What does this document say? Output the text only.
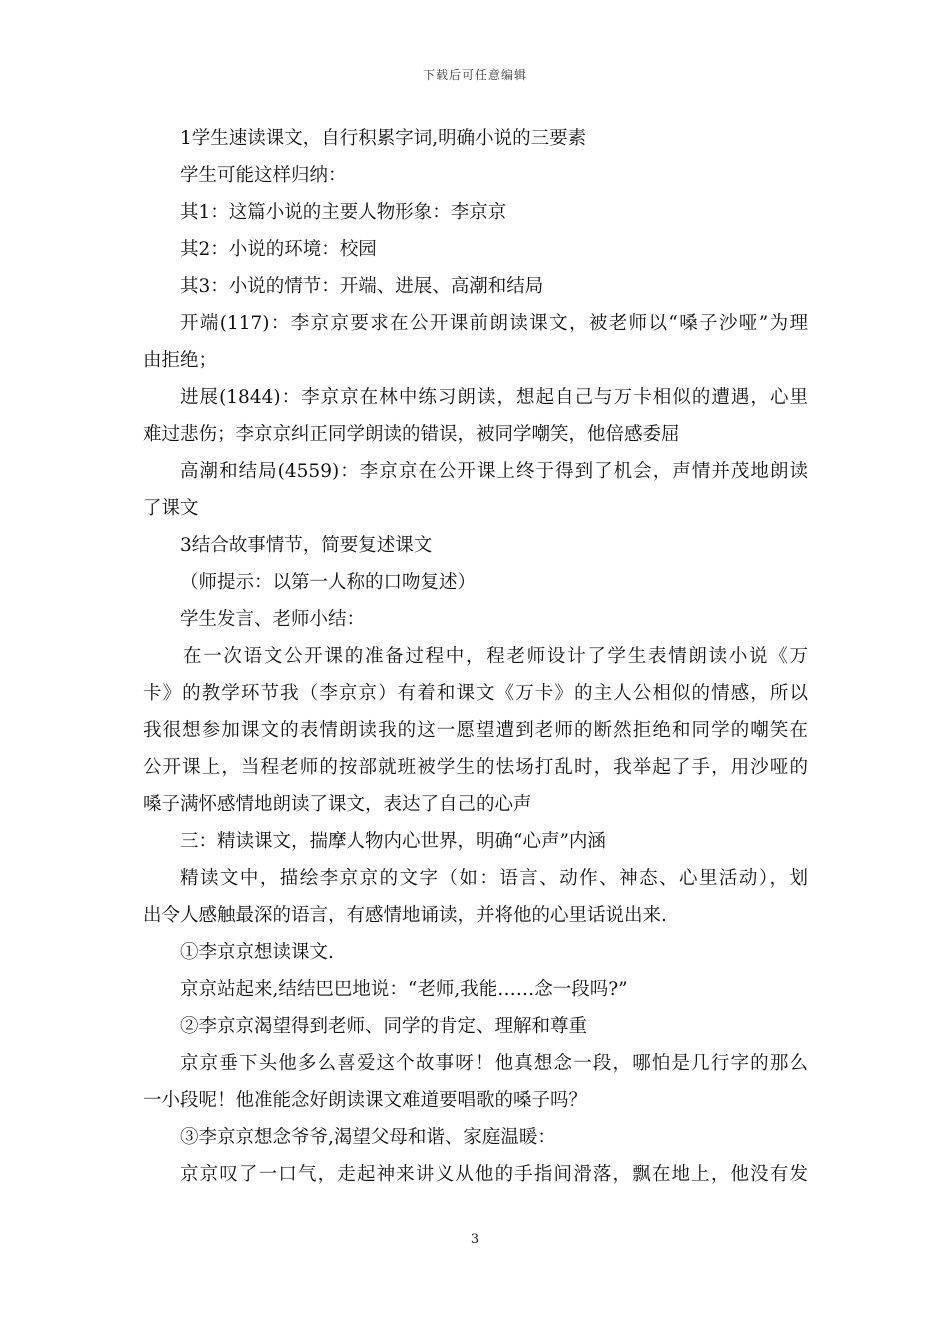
下载后可任意编辑
1学生速读课文，自行积累字词,明确小说的三要素
学生可能这样归纳：
其1：这篇小说的主要人物形象：李京京
其2：小说的环境：校园
其3：小说的情节：开端、进展、高潮和结局
开端(117)：李京京要求在公开课前朗读课文，被老师以“嗓子沙哑”为理
由拒绝；
进展(1844)：李京京在林中练习朗读，想起自己与万卡相似的遭遇，心里
难过悲伤；李京京纠正同学朗读的错误，被同学嘲笑，他倍感委屈
高潮和结局(4559)：李京京在公开课上终于得到了机会，声情并茂地朗读
了课文
3结合故事情节，简要复述课文
（师提示：以第一人称的口吻复述）
学生发言、老师小结：
在一次语文公开课的准备过程中，程老师设计了学生表情朗读小说《万
卡》的教学环节我（李京京）有着和课文《万卡》的主人公相似的情感，所以
我很想参加课文的表情朗读我的这一愿望遭到老师的断然拒绝和同学的嘲笑在
公开课上，当程老师的按部就班被学生的怯场打乱时，我举起了手，用沙哑的
嗓子满怀感情地朗读了课文，表达了自己的心声
三：精读课文，揣摩人物内心世界，明确“心声”内涵
精读文中，描绘李京京的文字（如：语言、动作、神态、心里活动），划
出令人感触最深的语言，有感情地诵读，并将他的心里话说出来.
①李京京想读课文.
京京站起来,结结巴巴地说：“老师,我能……念一段吗?”
②李京京渴望得到老师、同学的肯定、理解和尊重
京京垂下头他多么喜爱这个故事呀！他真想念一段，哪怕是几行字的那么
一小段呢！他准能念好朗读课文难道要唱歌的嗓子吗？
③李京京想念爷爷,渴望父母和谐、家庭温暖：
京京叹了一口气，走起神来讲义从他的手指间滑落，飘在地上，他没有发
3
